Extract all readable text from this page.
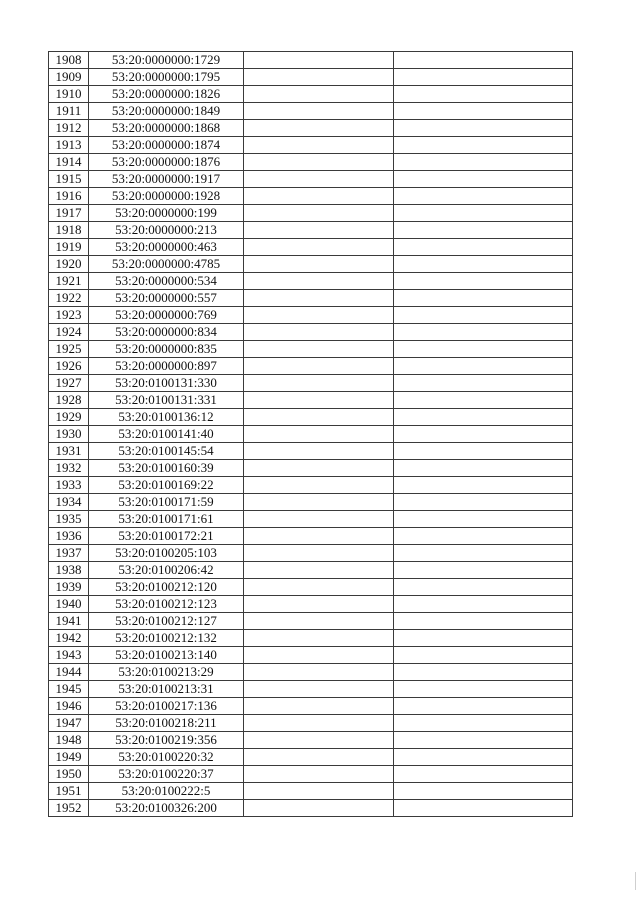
1908	53:20:0000000:1729		
1909	53:20:0000000:1795		
1910	53:20:0000000:1826		
1911	53:20:0000000:1849		
1912	53:20:0000000:1868		
1913	53:20:0000000:1874		
1914	53:20:0000000:1876		
1915	53:20:0000000:1917		
1916	53:20:0000000:1928		
1917	53:20:0000000:199		
1918	53:20:0000000:213		
1919	53:20:0000000:463		
1920	53:20:0000000:4785		
1921	53:20:0000000:534		
1922	53:20:0000000:557		
1923	53:20:0000000:769		
1924	53:20:0000000:834		
1925	53:20:0000000:835		
1926	53:20:0000000:897		
1927	53:20:0100131:330		
1928	53:20:0100131:331		
1929	53:20:0100136:12		
1930	53:20:0100141:40		
1931	53:20:0100145:54		
1932	53:20:0100160:39		
1933	53:20:0100169:22		
1934	53:20:0100171:59		
1935	53:20:0100171:61		
1936	53:20:0100172:21		
1937	53:20:0100205:103		
1938	53:20:0100206:42		
1939	53:20:0100212:120		
1940	53:20:0100212:123		
1941	53:20:0100212:127		
1942	53:20:0100212:132		
1943	53:20:0100213:140		
1944	53:20:0100213:29		
1945	53:20:0100213:31		
1946	53:20:0100217:136		
1947	53:20:0100218:211		
1948	53:20:0100219:356		
1949	53:20:0100220:32		
1950	53:20:0100220:37		
1951	53:20:0100222:5		
1952	53:20:0100326:200		
